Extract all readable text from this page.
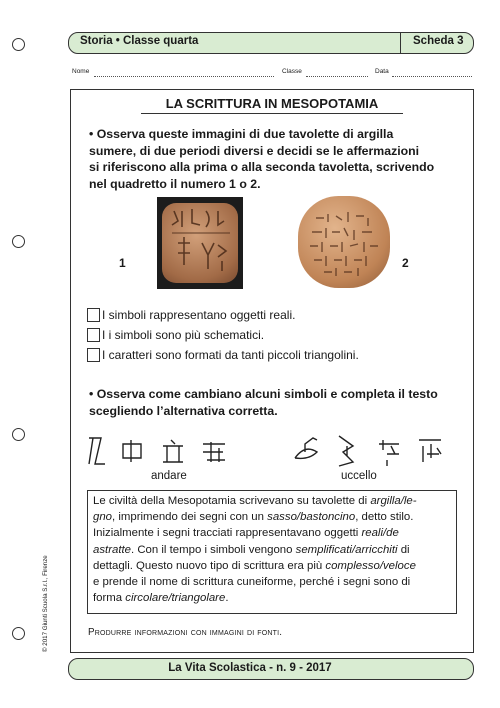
Storia • Classe quarta	Scheda 3
Nome	Classe	Data
LA SCRITTURA IN MESOPOTAMIA
• Osserva queste immagini di due tavolette di argilla
sumere, di due periodi diversi e decidi se le affermazioni
si riferiscono alla prima o alla seconda tavoletta, scrivendo
nel quadretto il numero 1 o 2.
1	2
I simboli rappresentano oggetti reali.
I i simboli sono più schematici.
I caratteri sono formati da tanti piccoli triangolini.
• Osserva come cambiano alcuni simboli e completa il testo
scegliendo l’alternativa corretta.
andare	uccello
Le civiltà della Mesopotamia scrivevano su tavolette di argilla/le-
gno, imprimendo dei segni con un sasso/bastoncino, detto stilo.
Inizialmente i segni tracciati rappresentavano oggetti reali/de
astratte. Con il tempo i simboli vengono semplificati/arricchiti di
dettagli. Questo nuovo tipo di scrittura era più complesso/veloce
e prende il nome di scrittura cuneiforme, perché i segni sono di
forma circolare/triangolare.
Produrre informazioni con immagini di fonti.
La Vita Scolastica - n. 9 - 2017
© 2017 Giunti Scuola S.r.l., Firenze
